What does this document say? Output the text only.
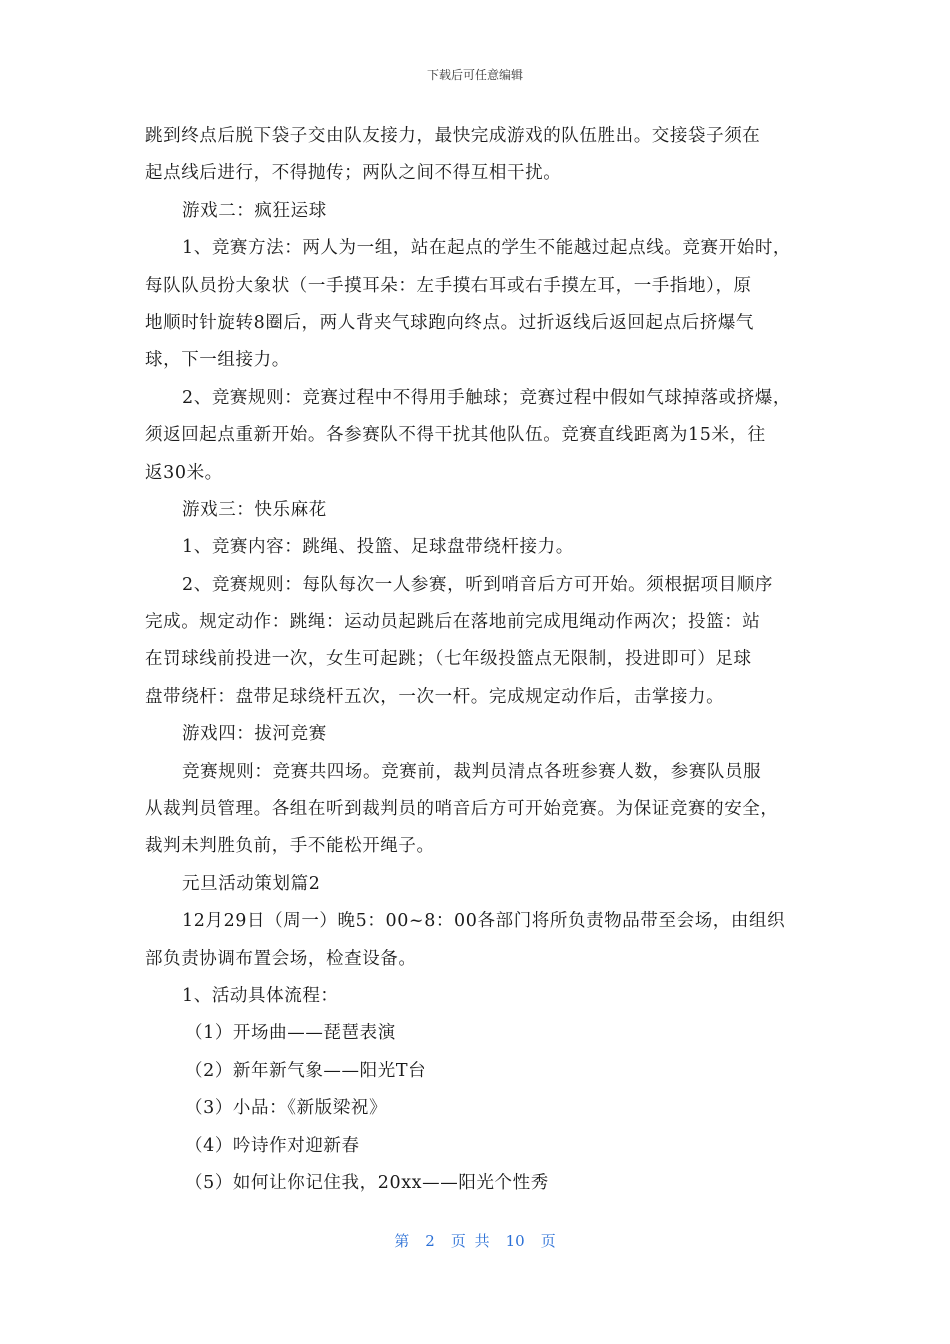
下载后可任意编辑
跳到终点后脱下袋子交由队友接力，最快完成游戏的队伍胜出。交接袋子须在
起点线后进行，不得抛传；两队之间不得互相干扰。
游戏二：疯狂运球
1、竞赛方法：两人为一组，站在起点的学生不能越过起点线。竞赛开始时，
每队队员扮大象状（一手摸耳朵：左手摸右耳或右手摸左耳，一手指地），原
地顺时针旋转8圈后，两人背夹气球跑向终点。过折返线后返回起点后挤爆气
球，下一组接力。
2、竞赛规则：竞赛过程中不得用手触球；竞赛过程中假如气球掉落或挤爆，
须返回起点重新开始。各参赛队不得干扰其他队伍。竞赛直线距离为15米，往
返30米。
游戏三：快乐麻花
1、竞赛内容：跳绳、投篮、足球盘带绕杆接力。
2、竞赛规则：每队每次一人参赛，听到哨音后方可开始。须根据项目顺序
完成。规定动作：跳绳：运动员起跳后在落地前完成甩绳动作两次；投篮：站
在罚球线前投进一次，女生可起跳；（七年级投篮点无限制，投进即可）足球
盘带绕杆：盘带足球绕杆五次，一次一杆。完成规定动作后，击掌接力。
游戏四：拔河竞赛
竞赛规则：竞赛共四场。竞赛前，裁判员清点各班参赛人数，参赛队员服
从裁判员管理。各组在听到裁判员的哨音后方可开始竞赛。为保证竞赛的安全，
裁判未判胜负前，手不能松开绳子。
元旦活动策划篇2
12月29日（周一）晚5：00~8：00各部门将所负责物品带至会场，由组织
部负责协调布置会场，检查设备。
1、活动具体流程：
（1）开场曲——琵琶表演
（2）新年新气象——阳光T台
（3）小品：《新版梁祝》
（4）吟诗作对迎新春
（5）如何让你记住我，20xx——阳光个性秀
第 2 页 共 10 页
